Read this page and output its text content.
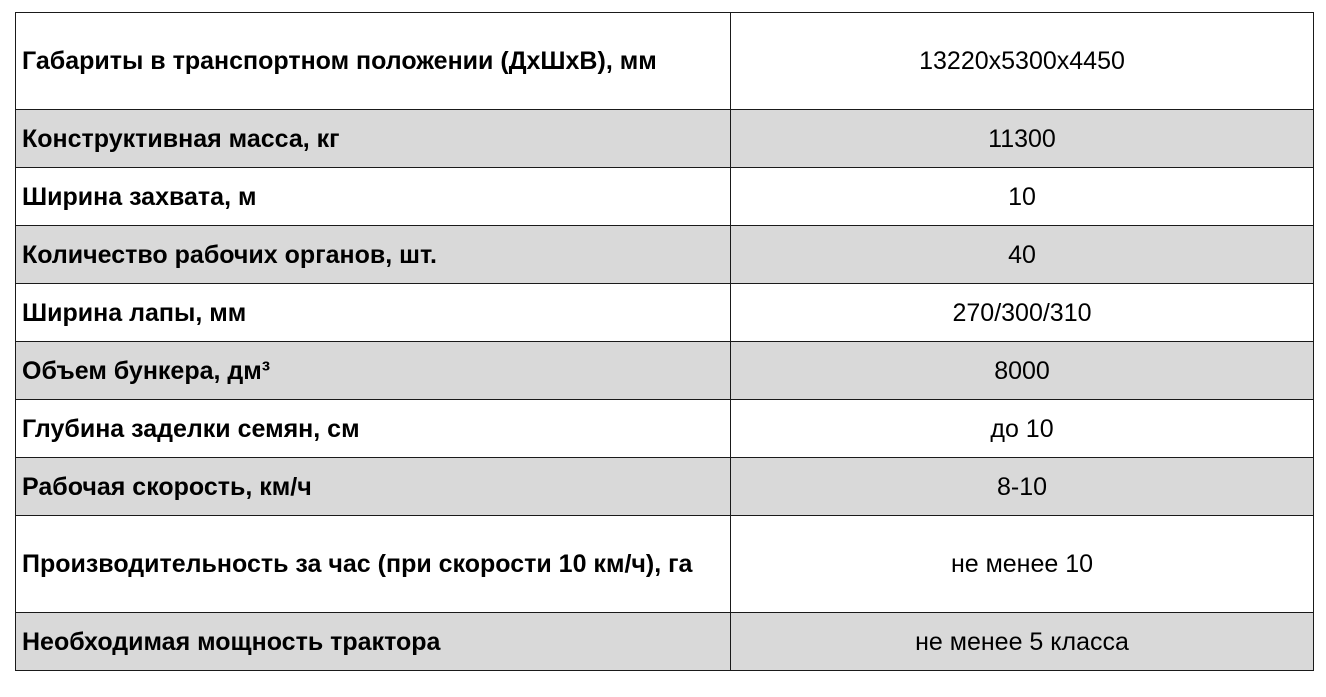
Габариты в транспортном положении (ДхШхВ), мм	13220х5300х4450
Конструктивная масса, кг	11300
Ширина захвата, м	10
Количество рабочих органов, шт.	40
Ширина лапы, мм	270/300/310
Объем бункера, дм³	8000
Глубина заделки семян, см	до 10
Рабочая скорость, км/ч	8-10
Производительность за час (при скорости 10 км/ч), га	не менее 10
Необходимая мощность трактора	не менее 5 класса
